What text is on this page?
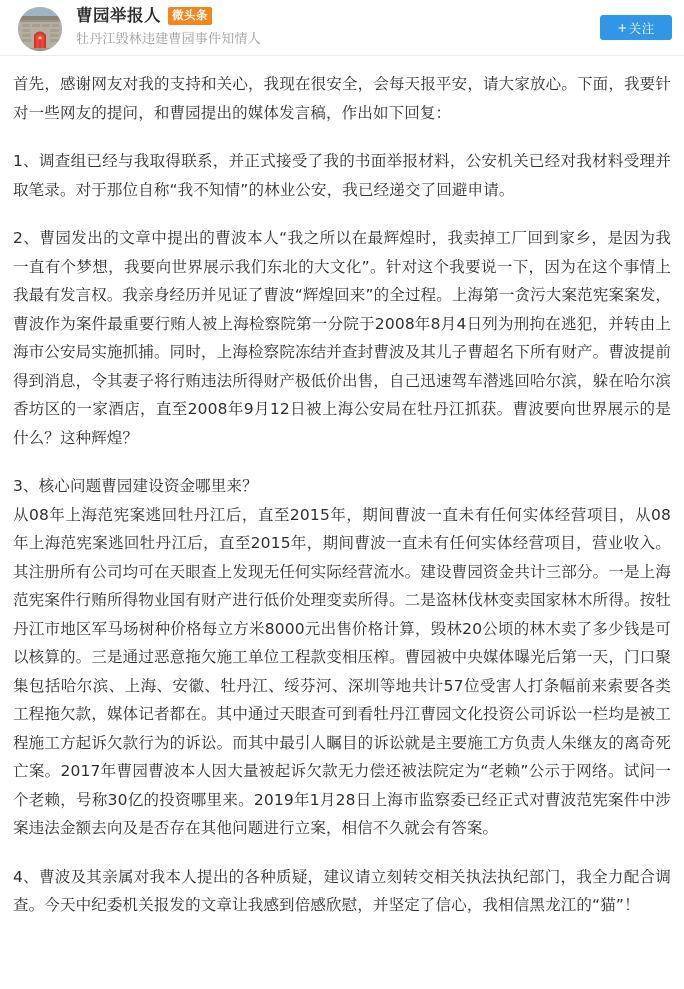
曹园举报人 微头条
牡丹江毁林违建曹园事件知情人
+ 关注

首先，感谢网友对我的支持和关心，我现在很安全，会每天报平安，请大家放心。下面，我要针对一些网友的提问，和曹园提出的媒体发言稿，作出如下回复：

1、调查组已经与我取得联系，并正式接受了我的书面举报材料，公安机关已经对我材料受理并取笔录。对于那位自称“我不知情”的林业公安，我已经递交了回避申请。

2、曹园发出的文章中提出的曹波本人“我之所以在最辉煌时，我卖掉工厂回到家乡，是因为我一直有个梦想，我要向世界展示我们东北的大文化”。针对这个我要说一下，因为在这个事情上我最有发言权。我亲身经历并见证了曹波“辉煌回来”的全过程。上海第一贪污大案范宪案案发，曹波作为案件最重要行贿人被上海检察院第一分院于2008年8月4日列为刑拘在逃犯，并转由上海市公安局实施抓捕。同时，上海检察院冻结并查封曹波及其儿子曹超名下所有财产。曹波提前得到消息，令其妻子将行贿违法所得财产极低价出售，自己迅速驾车潜逃回哈尔滨，躲在哈尔滨香坊区的一家酒店，直至2008年9月12日被上海公安局在牡丹江抓获。曹波要向世界展示的是什么？这种辉煌？

3、核心问题曹园建设资金哪里来？

从08年上海范宪案逃回牡丹江后，直至2015年，期间曹波一直未有任何实体经营项目，从08年上海范宪案逃回牡丹江后，直至2015年，期间曹波一直未有任何实体经营项目，营业收入。其注册所有公司均可在天眼查上发现无任何实际经营流水。建设曹园资金共计三部分。一是上海范宪案件行贿所得物业国有财产进行低价处理变卖所得。二是盗林伐林变卖国家林木所得。按牡丹江市地区军马场树种价格每立方米8000元出售价格计算，毁林20公顷的林木卖了多少钱是可以核算的。三是通过恶意拖欠施工单位工程款变相压榨。曹园被中央媒体曝光后第一天，门口聚集包括哈尔滨、上海、安徽、牡丹江、绥芬河、深圳等地共计57位受害人打条幅前来索要各类工程拖欠款，媒体记者都在。其中通过天眼查可到看牡丹江曹园文化投资公司诉讼一栏均是被工程施工方起诉欠款行为的诉讼。而其中最引人瞩目的诉讼就是主要施工方负责人朱继友的离奇死亡案。2017年曹园曹波本人因大量被起诉欠款无力偿还被法院定为“老赖”公示于网络。试问一个老赖，号称30亿的投资哪里来。2019年1月28日上海市监察委已经正式对曹波范宪案件中涉案违法金额去向及是否存在其他问题进行立案，相信不久就会有答案。

4、曹波及其亲属对我本人提出的各种质疑，建议请立刻转交相关执法执纪部门，我全力配合调查。今天中纪委机关报发的文章让我感到倍感欣慰，并坚定了信心，我相信黑龙江的“猫”！
